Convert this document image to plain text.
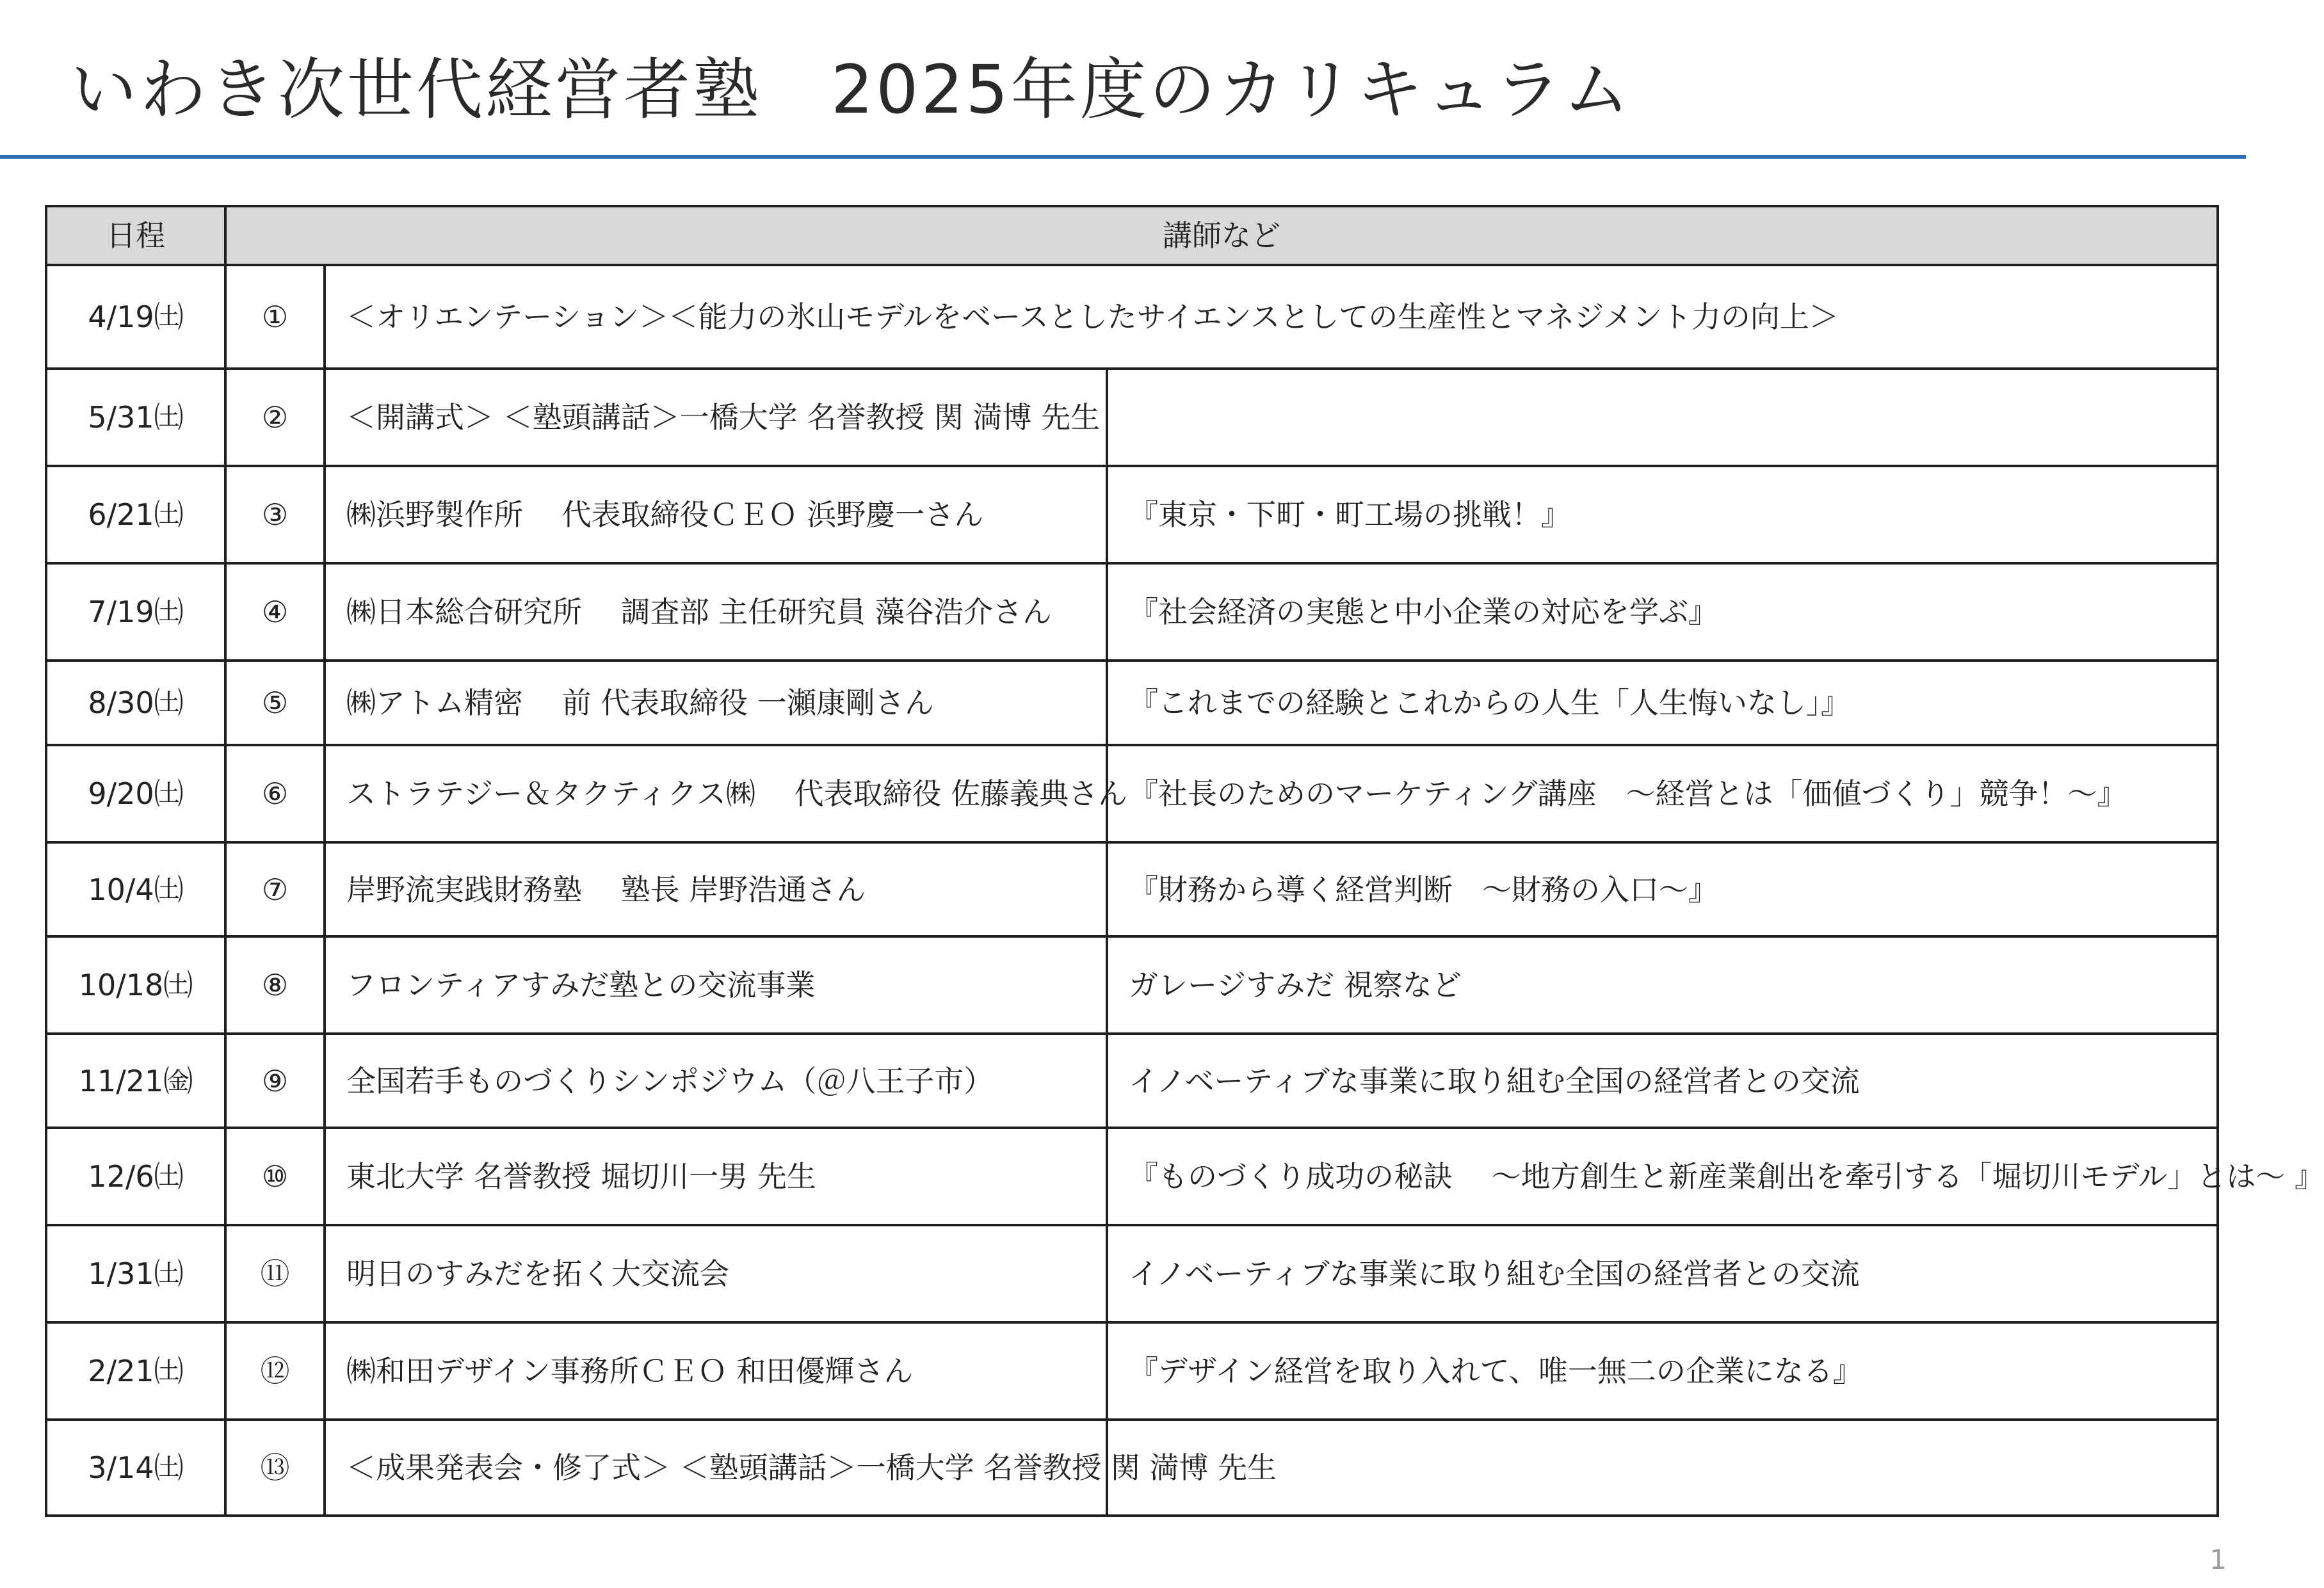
いわき次世代経営者塾　2025年度のカリキュラム
日程	講師など		
4/19㈯	①	＜オリエンテーション＞＜能力の氷山モデルをベースとしたサイエンスとしての生産性とマネジメント力の向上＞	
5/31㈯	②	＜開講式＞ ＜塾頭講話＞一橋大学 名誉教授 関 満博 先生	
6/21㈯	③	㈱浜野製作所 　代表取締役ＣＥＯ 浜野慶一さん	『東京・下町・町工場の挑戦！』
7/19㈯	④	㈱日本総合研究所 　調査部 主任研究員 藻谷浩介さん	『社会経済の実態と中小企業の対応を学ぶ』
8/30㈯	⑤	㈱アトム精密　 前 代表取締役 一瀬康剛さん	『これまでの経験とこれからの人生「人生悔いなし」』
9/20㈯	⑥	ストラテジー＆タクティクス㈱ 　代表取締役 佐藤義典さん	『社長のためのマーケティング講座　～経営とは「価値づくり」競争！～』
10/4㈯	⑦	岸野流実践財務塾　 塾長 岸野浩通さん	『財務から導く経営判断　～財務の入口～』
10/18㈯	⑧	フロンティアすみだ塾との交流事業	ガレージすみだ 視察など
11/21㈮	⑨	全国若手ものづくりシンポジウム（＠八王子市）	イノベーティブな事業に取り組む全国の経営者との交流
12/6㈯	⑩	東北大学 名誉教授 堀切川一男 先生	『ものづくり成功の秘訣 　～地方創生と新産業創出を牽引する「堀切川モデル」とは～ 』
1/31㈯	⑪	明日のすみだを拓く大交流会	イノベーティブな事業に取り組む全国の経営者との交流
2/21㈯	⑫	㈱和田デザイン事務所ＣＥＯ 和田優輝さん	『デザイン経営を取り入れて、唯一無二の企業になる』
3/14㈯	⑬	＜成果発表会・修了式＞ ＜塾頭講話＞一橋大学 名誉教授 関 満博 先生	
1
